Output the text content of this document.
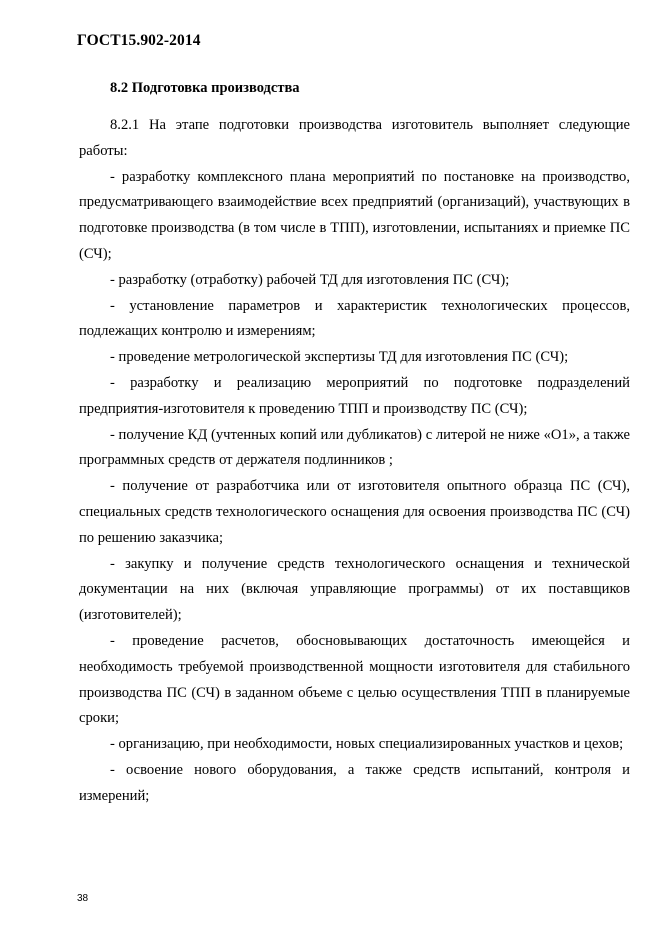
ГОСТ15.902-2014
8.2 Подготовка производства

8.2.1 На этапе подготовки производства изготовитель выполняет следующие работы:

- разработку комплексного плана мероприятий по постановке на производство, предусматривающего взаимодействие всех предприятий (организаций), участвующих в подготовке производства (в том числе в ТПП), изготовлении, испытаниях и приемке ПС (СЧ);

- разработку (отработку) рабочей ТД для изготовления ПС (СЧ);

- установление параметров и характеристик технологических процессов, подлежащих контролю и измерениям;

- проведение метрологической экспертизы ТД для изготовления ПС (СЧ);

- разработку и реализацию мероприятий по подготовке подразделений предприятия-изготовителя к проведению ТПП и производству ПС (СЧ);

- получение КД (учтенных копий или дубликатов) с литерой не ниже «О1», а также программных средств от держателя подлинников ;

- получение от разработчика или от изготовителя опытного образца ПС (СЧ), специальных средств технологического оснащения для освоения производства ПС (СЧ) по решению заказчика;

- закупку и получение средств технологического оснащения и технической документации на них (включая управляющие программы) от их поставщиков (изготовителей);

- проведение расчетов, обосновывающих достаточность имеющейся и необходимость требуемой производственной мощности изготовителя для стабильного производства ПС (СЧ) в заданном объеме с целью осуществления ТПП в планируемые сроки;

- организацию, при необходимости, новых специализированных участков и цехов;

- освоение нового оборудования, а также средств испытаний, контроля и измерений;

38
